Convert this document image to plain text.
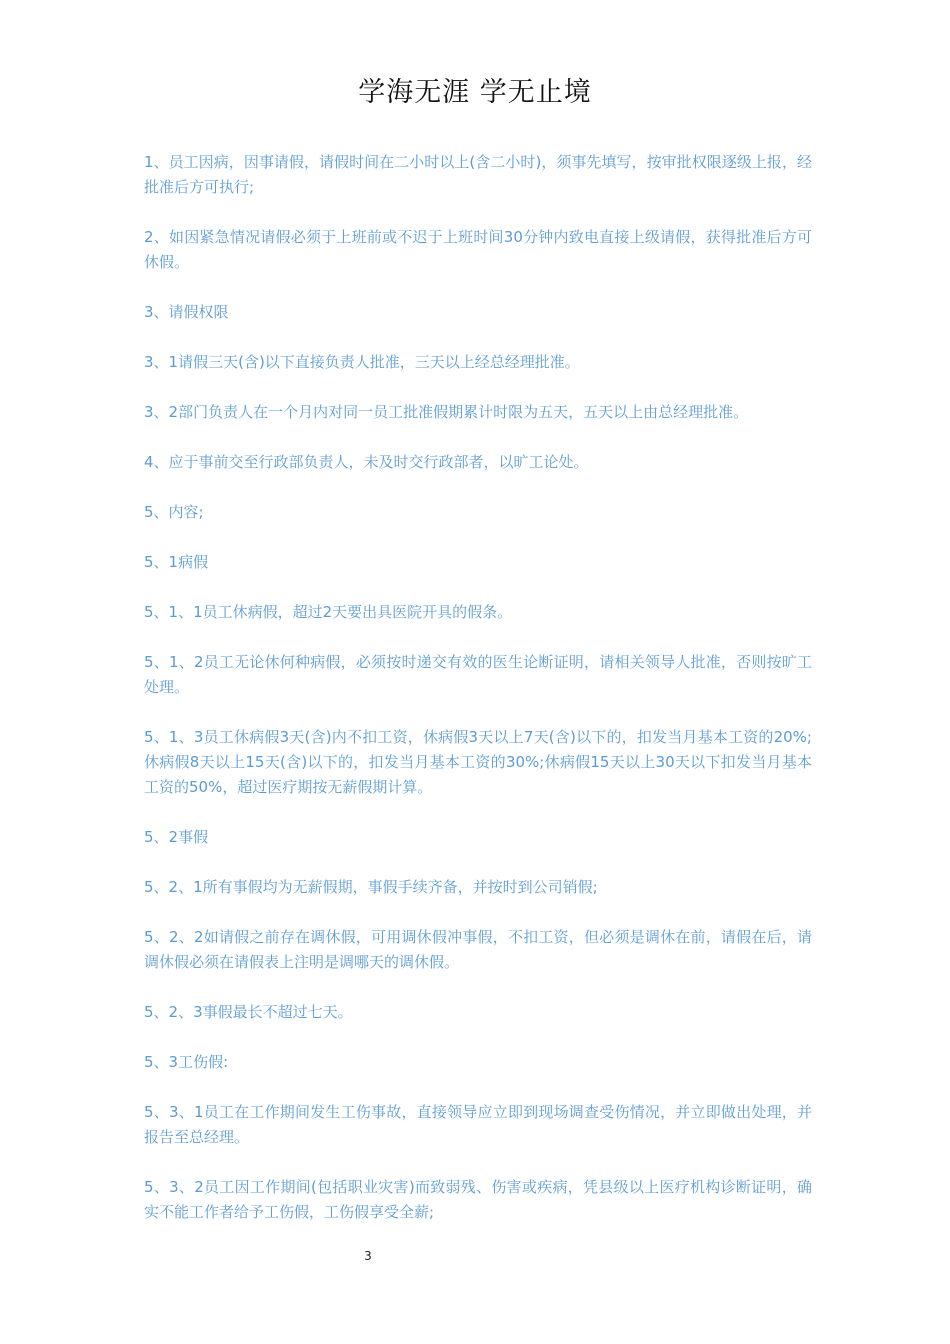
学海无涯 学无止境

1、员工因病，因事请假，请假时间在二小时以上(含二小时)，须事先填写，按审批权限逐级上报，经批准后方可执行;

2、如因紧急情况请假必须于上班前或不迟于上班时间30分钟内致电直接上级请假，获得批准后方可休假。

3、请假权限

3、1请假三天(含)以下直接负责人批准，三天以上经总经理批准。

3、2部门负责人在一个月内对同一员工批准假期累计时限为五天，五天以上由总经理批准。

4、应于事前交至行政部负责人，未及时交行政部者，以旷工论处。

5、内容;

5、1病假

5、1、1员工休病假，超过2天要出具医院开具的假条。

5、1、2员工无论休何种病假，必须按时递交有效的医生论断证明，请相关领导人批准，否则按旷工处理。

5、1、3员工休病假3天(含)内不扣工资，休病假3天以上7天(含)以下的，扣发当月基本工资的20%;休病假8天以上15天(含)以下的，扣发当月基本工资的30%;休病假15天以上30天以下扣发当月基本工资的50%，超过医疗期按无薪假期计算。

5、2事假

5、2、1所有事假均为无薪假期，事假手续齐备，并按时到公司销假;

5、2、2如请假之前存在调休假，可用调休假冲事假，不扣工资，但必须是调休在前，请假在后，请调休假必须在请假表上注明是调哪天的调休假。

5、2、3事假最长不超过七天。

5、3工伤假:

5、3、1员工在工作期间发生工伤事故，直接领导应立即到现场调查受伤情况，并立即做出处理，并报告至总经理。

5、3、2员工因工作期间(包括职业灾害)而致弱残、伤害或疾病，凭县级以上医疗机构诊断证明，确实不能工作者给予工伤假，工伤假享受全薪;

3
